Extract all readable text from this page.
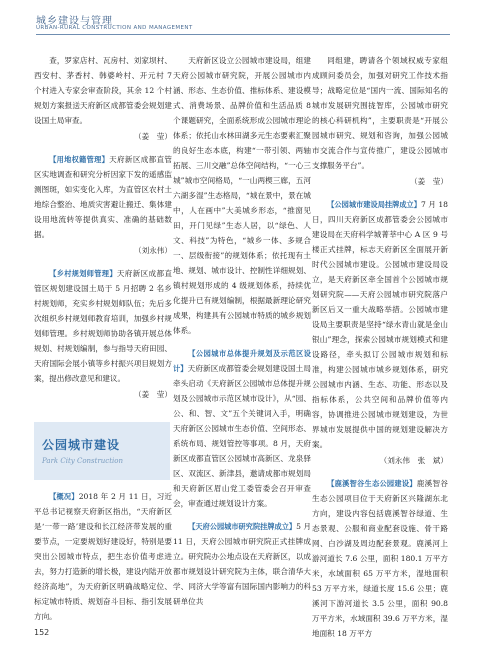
城乡建设与管理
URBAN-RURAL CONSTRUCTION AND MANAGEMENT

查，罗家店村、瓦房村、刘家坝村、西安村、茅香村、韩婆岭村、开元村 7 个村进入专家会审查阶段，其余 12 个村规划方案报送天府新区成都管委会规划建设国土局审查。

（姜　莹）

【用地权籍管理】天府新区成都直管区实地调查和研究分析因家下发的遥感监测图斑，如实变化入库，为直管区农村土地综合整治、地质灾害避让搬迁、集体建设用地流转等提供真实、准确的基础数据。

（刘永伟）

【乡村规划师管理】天府新区成都直管区规划建设国土局于 5 月招聘 2 名乡村规划师，充实乡村规划师队伍；先后多次组织乡村规划师教育培训，加强乡村规划师管理。乡村规划师协助各镇开展总体规划、村规划编制，参与指导天府田园、天府国际会展小镇等乡村振兴项目规划方案，提出修改意见和建议。

（姜　莹）

公园城市建设
Park City Construction

【概况】2018 年 2 月 11 日，习近平总书记视察天府新区指出，“天府新区是‘一带一路’建设和长江经济带发展的重要节点，一定要规划好建设好，特别是要突出公园城市特点，把生态价值考虑进去，努力打造新的增长极，建设内陆开放经济高地”，为天府新区明确战略定位、标定城市特质、规划奋斗目标、指引发展方向。

天府新区设立公园城市建设局，组建天府公园城市研究院，开展公园城市内涵、形态、生态价值、推标体系、建设模式、消费场景、品牌价值和生活品质 8 个课题研究，全面系统形成公园城市理论体系；依托山水林田湖多元生态要素汇聚的良好生态本底，构建“一带引领、两轴拓展、三川交融”总体空间结构，“一心三城”城市空间格局，“一山两楔三廊，五河六湖多湿”生态格局，“城在景中，景在城中，人在画中”大美城乡形态，“推窗见田，开门见绿”生态人居，以“绿色、人文、科技”为特色，“城乡一体、多规合一、层级衔接”的规划体系；依托现有土地、规划、城市设计、控制性详细规划、镇村规划形成的 4 级规划体系，持续优化提升已有规划编制，根据最新理论研究成果，构建具有公园城市特质的城乡规划体系。

【公园城市总体提升规划及示范区设计】天府新区成都管委会规划建设国土局牵头启动《天府新区公园城市总体提升规划及公园城市示范区城市设计》，从“园、公、和、智、文”五个关键词入手，明确天府新区公园城市生态价值、空间形态、系统布局、规划管控等事项。8 月，天府新区成都直管区公园城市高新区、龙泉驿区、双流区、新津县，邀请成都市规划局和天府新区眉山党工委管委会召开审查会，审查通过规划设计方案。

【天府公园城市研究院挂牌成立】5 月 11 日，天府公园城市研究院正式挂牌成立。研究院办公地点设在天府新区，以成都市规划设计研究院为主体，联合清华大学、同济大学等富有国际国内影响力的科研单位共

同组建，聘请各个领域权威专家组成顾问委员会，加强对研究工作技术指导；战略定位是“国内一流、国际知名的城市发展研究围拢智库，公园城市研究的核心科研机构”，主要职责是“开展公园城市研究、规划和咨询，加强公园城市交流合作与宣传推广，建设公园城市支撑服务平台”。

（姜　莹）

【公园城市建设局挂牌成立】7 月 18 日，四川天府新区成都管委会公园城市建设局在天府科学城菁莘中心 A 区 9 号楼正式挂牌，标志天府新区全面展开新时代公园城市建设。公园城市建设局设立，是天府新区牵全国首个公园城市规划研究院——天府公园城市研究院落户新区后又一重大战略举措。公园城市建设局主要职责是坚持“绿水青山就是金山银山”理念，探索公园城市规划模式和建设路径，牵头拟订公园城市规划和标准，构建公园城市城乡规划体系，研究公园城市内涵、生态、功能、形态以及指标体系，公共空间和品牌价值等内容，协调推进公园城市规划建设，为世界城市发展提供中国的规划建设解决方案。

（刘永伟　张　斌）

【鹿溪智谷生态公园建设】鹿溪智谷生态公园项目位于天府新区兴隆湖东北方向，建设内容包括鹿溪智谷绿道、生态景观、公服和商业配套设施、骨干路网、白沙湖及周边配套景观。鹿溪河上游河道长 7.6 公里，面积 180.1 万平方米，水域面积 65 万平方米，湿地面积 53 万平方米，绿道长度 15.6 公里；鹿溪河下游河道长 3.5 公里，面积 90.8 万平方米，水域面积 39.6 万平方米，湿地面积 18 万平方

152
